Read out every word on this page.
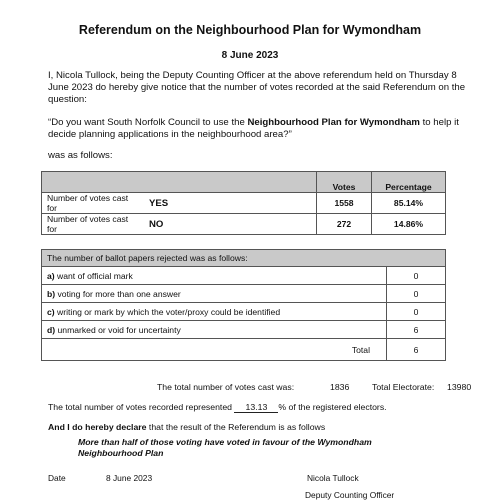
Referendum on the Neighbourhood Plan for Wymondham
8 June 2023
I, Nicola Tullock, being the Deputy Counting Officer at the above referendum held on Thursday 8 June 2023 do hereby give notice that the number of votes recorded at the said Referendum on the question:
“Do you want South Norfolk Council to use the Neighbourhood Plan for Wymondham to help it decide planning applications in the neighbourhood area?”
was as follows:
		Votes	Percentage
Number of votes cast for	YES	1558	85.14%
Number of votes cast for	NO	272	14.86%
The number of ballot papers rejected was as follows:	
a) want of official mark	0
b) voting for more than one answer	0
c) writing or mark by which the voter/proxy could be identified	0
d) unmarked or void for uncertainty	6
Total	6
The total number of votes cast was:	1836	Total Electorate: 13980
The total number of votes recorded represented 13.13 % of the registered electors.
And I do hereby declare that the result of the Referendum is as follows
More than half of those voting have voted in favour of the Wymondham Neighbourhood Plan
Date	8 June 2023	Nicola Tullock
Deputy Counting Officer
